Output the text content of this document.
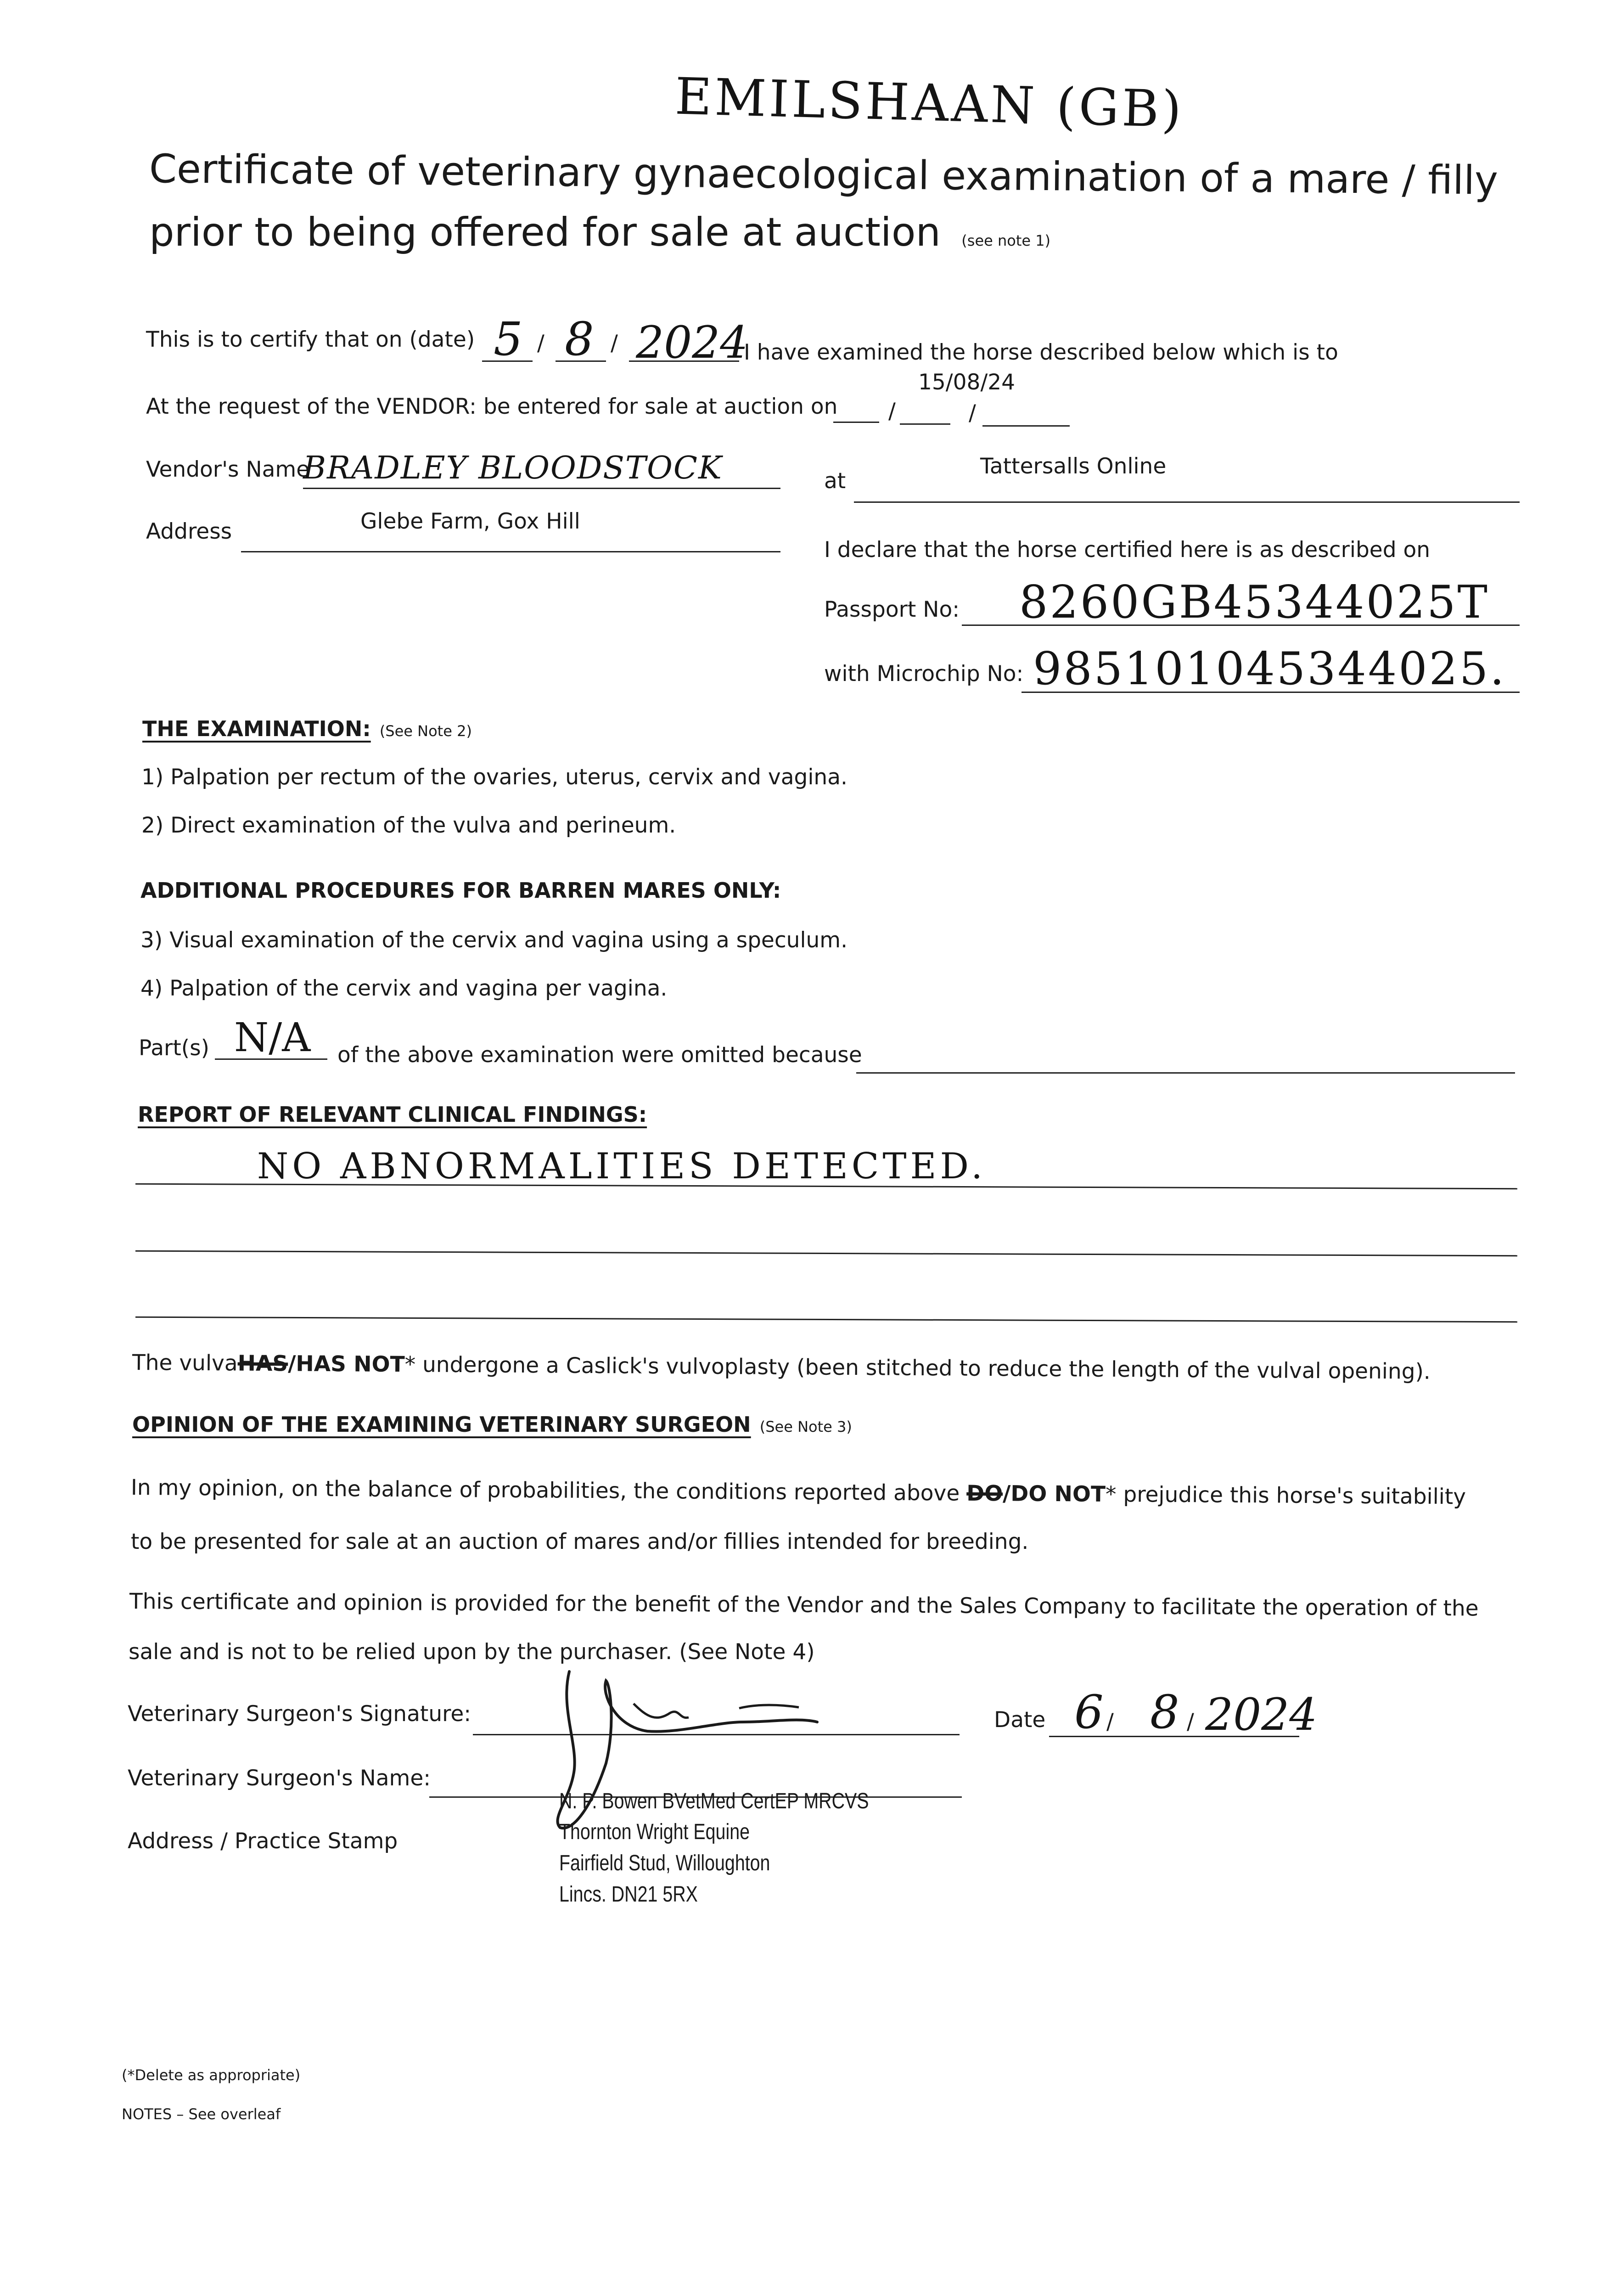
EMILSHAAN (GB)
Certificate of veterinary gynaecological examination of a mare / filly
prior to being offered for sale at auction (see note 1)
This is to certify that on (date) 5 / 8 / 2024
I have examined the horse described below which is to
15/08/24
At the request of the VENDOR: be entered for sale at auction on /	/
Vendor's Name
BRADLEY BLOODSTOCK
Address	Glebe Farm, Gox Hill
at
Tattersalls Online
I declare that the horse certified here is as described on
Passport No: 8260GB45344025T
with Microchip No: 985101045344025.
THE EXAMINATION: (See Note 2)
1) Palpation per rectum of the ovaries, uterus, cervix and vagina.
2) Direct examination of the vulva and perineum.
ADDITIONAL PROCEDURES FOR BARREN MARES ONLY:
3) Visual examination of the cervix and vagina using a speculum.
4) Palpation of the cervix and vagina per vagina.
Part(s) N/A of the above examination were omitted because
REPORT OF RELEVANT CLINICAL FINDINGS:
NO ABNORMALITIES DETECTED.
The vulvaHAS/HAS NOT* undergone a Caslick's vulvoplasty (been stitched to reduce the length of the vulval opening).
OPINION OF THE EXAMINING VETERINARY SURGEON (See Note 3)
In my opinion, on the balance of probabilities, the conditions reported above DO/DO NOT* prejudice this horse's suitability
to be presented for sale at an auction of mares and/or fillies intended for breeding.
This certificate and opinion is provided for the benefit of the Vendor and the Sales Company to facilitate the operation of the
sale and is not to be relied upon by the purchaser. (See Note 4)
Veterinary Surgeon's Signature:	Date 6 / 8 / 2024
Veterinary Surgeon's Name:
Address / Practice Stamp
N. P. Bowen BVetMed CertEP MRCVS
Thornton Wright Equine
Fairfield Stud, Willoughton
Lincs. DN21 5RX
(*Delete as appropriate)
NOTES – See overleaf
